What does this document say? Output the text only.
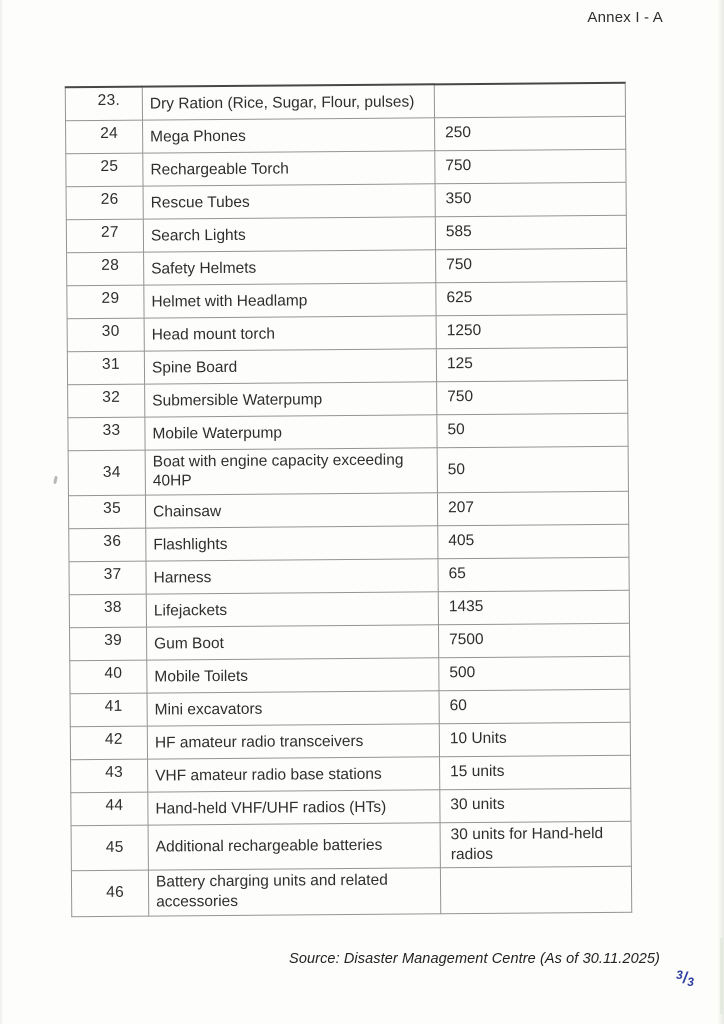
Annex I - A
23.	Dry Ration (Rice, Sugar, Flour, pulses)	
24	Mega Phones	250
25	Rechargeable Torch	750
26	Rescue Tubes	350
27	Search Lights	585
28	Safety Helmets	750
29	Helmet with Headlamp	625
30	Head mount torch	1250
31	Spine Board	125
32	Submersible Waterpump	750
33	Mobile Waterpump	50
34	Boat with engine capacity exceeding 40HP	50
35	Chainsaw	207
36	Flashlights	405
37	Harness	65
38	Lifejackets	1435
39	Gum Boot	7500
40	Mobile Toilets	500
41	Mini excavators	60
42	HF amateur radio transceivers	10 Units
43	VHF amateur radio base stations	15 units
44	Hand-held VHF/UHF radios (HTs)	30 units
45	Additional rechargeable batteries	30 units for Hand-held radios
46	Battery charging units and related accessories	
Source: Disaster Management Centre (As of 30.11.2025)
$^3$/3
